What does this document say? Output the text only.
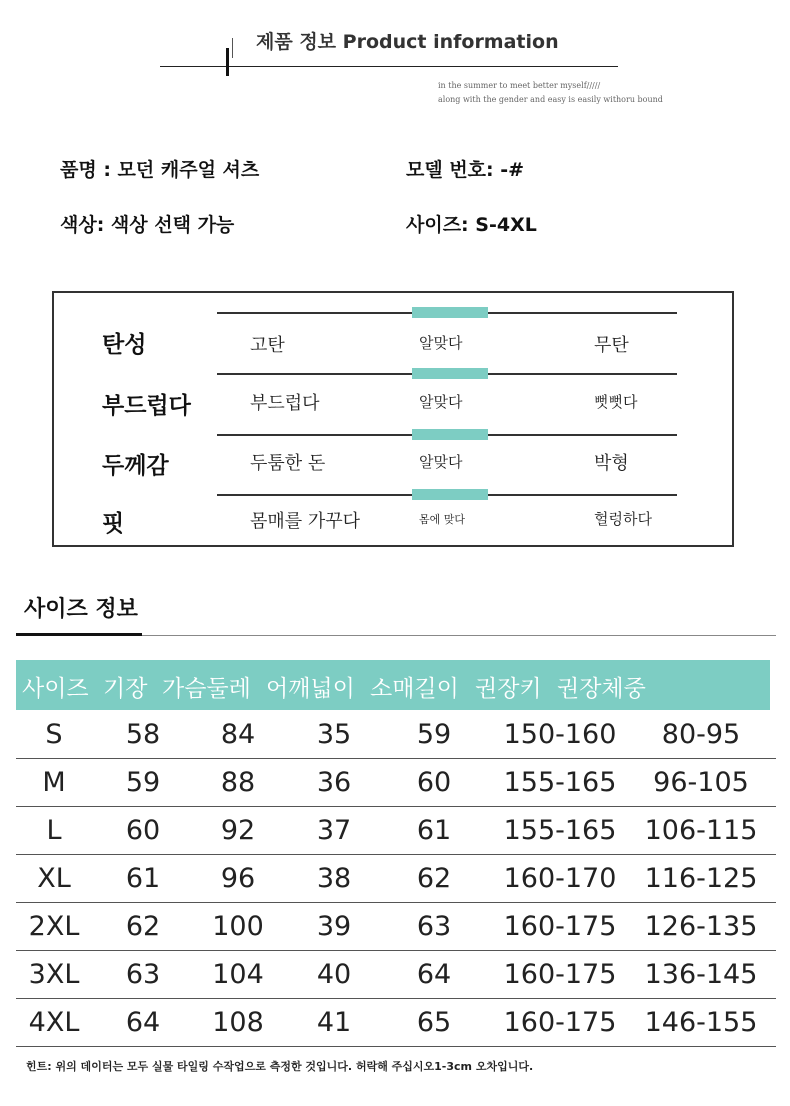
제품 정보 Product information
in the summer to meet better myself/////
along with the gender and easy is easily withoru bound
품명 : 모던 캐주얼 셔츠	모델 번호: -#
색상: 색상 선택 가능	사이즈: S-4XL
탄성	고탄	알맞다	무탄
부드럽다	부드럽다	알맞다	뻣뻣다
두께감	두툼한 돈	알맞다	박형
핏	몸매를 가꾸다	몸에 맞다	헐렁하다
사이즈 정보
사이즈 기장 가슴둘레 어깨넓이 소매길이 권장키 권장체중
S	58	84	35	59	150-160	80-95
M	59	88	36	60	155-165	96-105
L	60	92	37	61	155-165	106-115
XL	61	96	38	62	160-170	116-125
2XL	62	100	39	63	160-175	126-135
3XL	63	104	40	64	160-175	136-145
4XL	64	108	41	65	160-175	146-155
힌트: 위의 데이터는 모두 실물 타일링 수작업으로 측정한 것입니다. 허락해 주십시오1-3cm 오차입니다.
